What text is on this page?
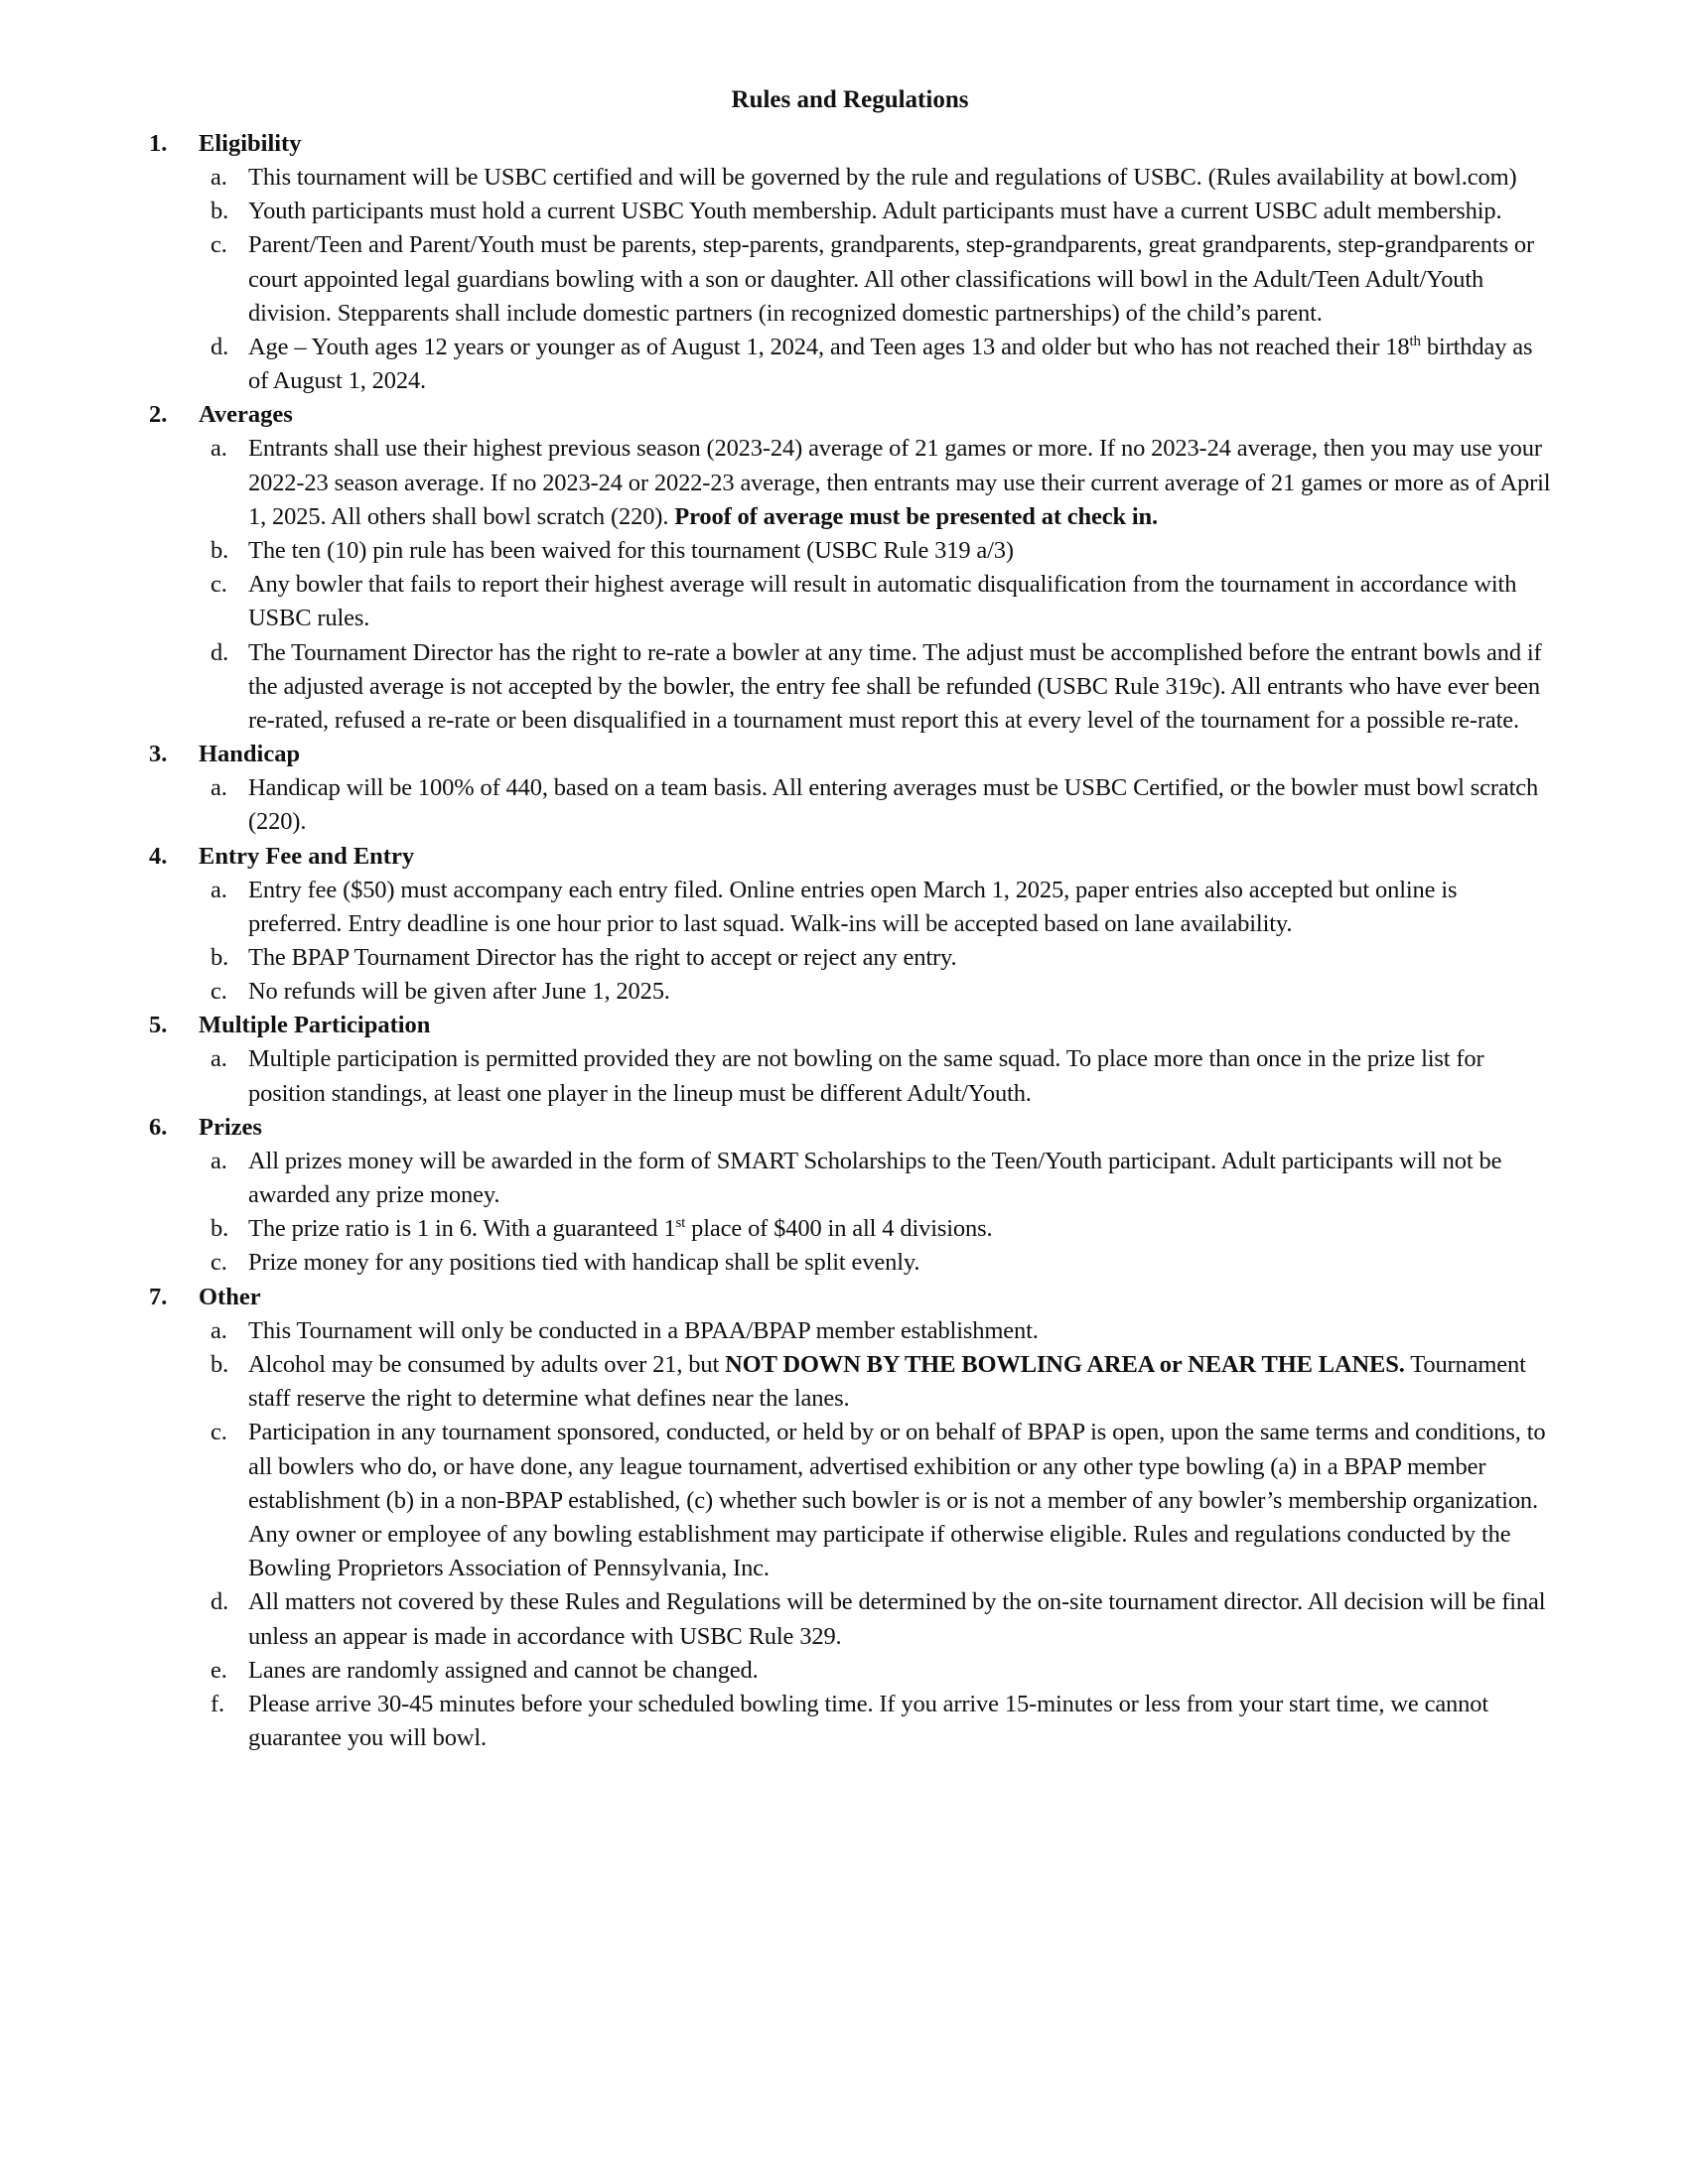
Rules and Regulations
1. Eligibility
a. This tournament will be USBC certified and will be governed by the rule and regulations of USBC. (Rules availability at bowl.com)
b. Youth participants must hold a current USBC Youth membership. Adult participants must have a current USBC adult membership.
c. Parent/Teen and Parent/Youth must be parents, step-parents, grandparents, step-grandparents, great grandparents, step-grandparents or court appointed legal guardians bowling with a son or daughter. All other classifications will bowl in the Adult/Teen Adult/Youth division. Stepparents shall include domestic partners (in recognized domestic partnerships) of the child’s parent.
d. Age – Youth ages 12 years or younger as of August 1, 2024, and Teen ages 13 and older but who has not reached their 18th birthday as of August 1, 2024.
2. Averages
a. Entrants shall use their highest previous season (2023-24) average of 21 games or more. If no 2023-24 average, then you may use your 2022-23 season average. If no 2023-24 or 2022-23 average, then entrants may use their current average of 21 games or more as of April 1, 2025. All others shall bowl scratch (220). Proof of average must be presented at check in.
b. The ten (10) pin rule has been waived for this tournament (USBC Rule 319 a/3)
c. Any bowler that fails to report their highest average will result in automatic disqualification from the tournament in accordance with USBC rules.
d. The Tournament Director has the right to re-rate a bowler at any time. The adjust must be accomplished before the entrant bowls and if the adjusted average is not accepted by the bowler, the entry fee shall be refunded (USBC Rule 319c). All entrants who have ever been re-rated, refused a re-rate or been disqualified in a tournament must report this at every level of the tournament for a possible re-rate.
3. Handicap
a. Handicap will be 100% of 440, based on a team basis. All entering averages must be USBC Certified, or the bowler must bowl scratch (220).
4. Entry Fee and Entry
a. Entry fee ($50) must accompany each entry filed. Online entries open March 1, 2025, paper entries also accepted but online is preferred. Entry deadline is one hour prior to last squad. Walk-ins will be accepted based on lane availability.
b. The BPAP Tournament Director has the right to accept or reject any entry.
c. No refunds will be given after June 1, 2025.
5. Multiple Participation
a. Multiple participation is permitted provided they are not bowling on the same squad. To place more than once in the prize list for position standings, at least one player in the lineup must be different Adult/Youth.
6. Prizes
a. All prizes money will be awarded in the form of SMART Scholarships to the Teen/Youth participant. Adult participants will not be awarded any prize money.
b. The prize ratio is 1 in 6. With a guaranteed 1st place of $400 in all 4 divisions.
c. Prize money for any positions tied with handicap shall be split evenly.
7. Other
a. This Tournament will only be conducted in a BPAA/BPAP member establishment.
b. Alcohol may be consumed by adults over 21, but NOT DOWN BY THE BOWLING AREA or NEAR THE LANES. Tournament staff reserve the right to determine what defines near the lanes.
c. Participation in any tournament sponsored, conducted, or held by or on behalf of BPAP is open, upon the same terms and conditions, to all bowlers who do, or have done, any league tournament, advertised exhibition or any other type bowling (a) in a BPAP member establishment (b) in a non-BPAP established, (c) whether such bowler is or is not a member of any bowler’s membership organization. Any owner or employee of any bowling establishment may participate if otherwise eligible. Rules and regulations conducted by the Bowling Proprietors Association of Pennsylvania, Inc.
d. All matters not covered by these Rules and Regulations will be determined by the on-site tournament director. All decision will be final unless an appear is made in accordance with USBC Rule 329.
e. Lanes are randomly assigned and cannot be changed.
f. Please arrive 30-45 minutes before your scheduled bowling time. If you arrive 15-minutes or less from your start time, we cannot guarantee you will bowl.
